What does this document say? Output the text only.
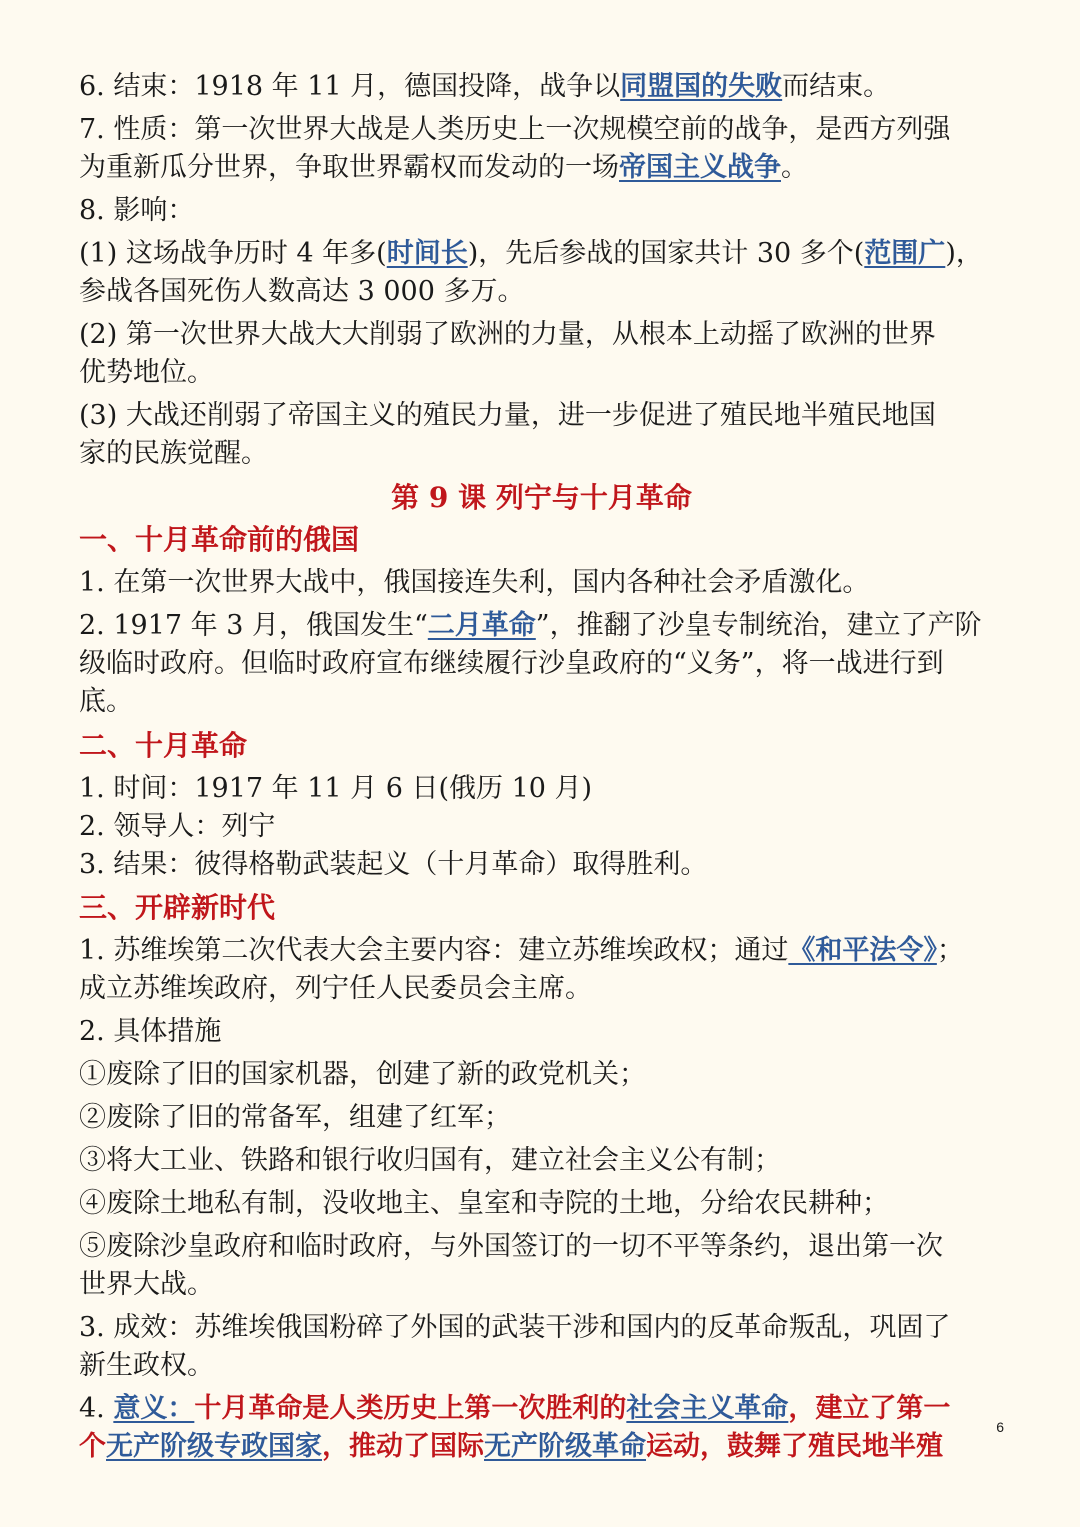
6. 结束：1918 年 11 月，德国投降，战争以同盟国的失败而结束。
7. 性质：第一次世界大战是人类历史上一次规模空前的战争，是西方列强
为重新瓜分世界，争取世界霸权而发动的一场帝国主义战争。
8. 影响：
(1) 这场战争历时 4 年多(时间长)，先后参战的国家共计 30 多个(范围广)，
参战各国死伤人数高达 3 000 多万。
(2) 第一次世界大战大大削弱了欧洲的力量，从根本上动摇了欧洲的世界
优势地位。
(3) 大战还削弱了帝国主义的殖民力量，进一步促进了殖民地半殖民地国
家的民族觉醒。
第 9 课 列宁与十月革命
一、十月革命前的俄国
1. 在第一次世界大战中，俄国接连失利，国内各种社会矛盾激化。
2. 1917 年 3 月，俄国发生“二月革命”，推翻了沙皇专制统治，建立了产阶
级临时政府。但临时政府宣布继续履行沙皇政府的“义务”，将一战进行到
底。
二、十月革命
1. 时间：1917 年 11 月 6 日(俄历 10 月)
2. 领导人：列宁
3. 结果：彼得格勒武装起义（十月革命）取得胜利。
三、开辟新时代
1. 苏维埃第二次代表大会主要内容：建立苏维埃政权；通过《和平法令》；
成立苏维埃政府，列宁任人民委员会主席。
2. 具体措施
①废除了旧的国家机器，创建了新的政党机关；
②废除了旧的常备军，组建了红军；
③将大工业、铁路和银行收归国有，建立社会主义公有制；
④废除土地私有制，没收地主、皇室和寺院的土地，分给农民耕种；
⑤废除沙皇政府和临时政府，与外国签订的一切不平等条约，退出第一次
世界大战。
3. 成效：苏维埃俄国粉碎了外国的武装干涉和国内的反革命叛乱，巩固了
新生政权。
4. 意义：十月革命是人类历史上第一次胜利的社会主义革命，建立了第一
个无产阶级专政国家，推动了国际无产阶级革命运动，鼓舞了殖民地半殖
6
